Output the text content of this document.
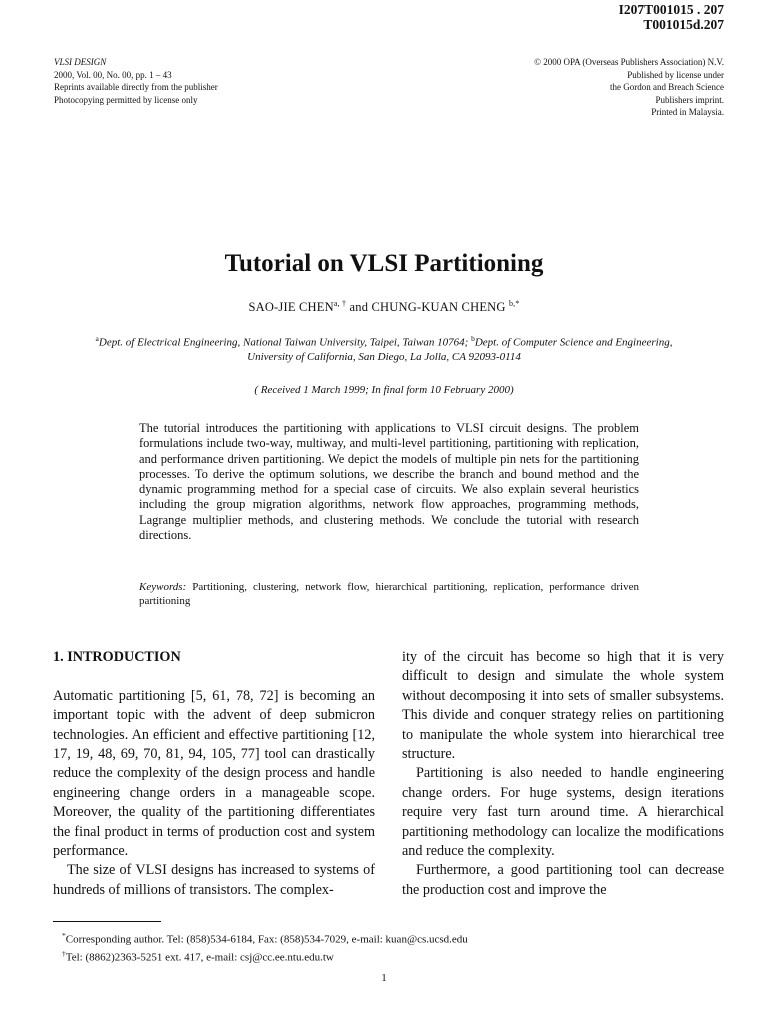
I207T001015 . 207
T001015d.207
VLSI DESIGN
2000, Vol. 00, No. 00, pp. 1 – 43
Reprints available directly from the publisher
Photocopying permitted by license only
© 2000 OPA (Overseas Publishers Association) N.V.
Published by license under
the Gordon and Breach Science
Publishers imprint.
Printed in Malaysia.
Tutorial on VLSI Partitioning
SAO-JIE $CHEN^{a, \dagger}$ and CHUNG-KUAN CHENG $^{b,*}$
$^a$Dept. of Electrical Engineering, National Taiwan University, Taipei, Taiwan 10764; $^b$Dept. of Computer Science and Engineering, University of California, San Diego, La Jolla, CA 92093-0114
( Received 1 March 1999; In final form 10 February 2000)
The tutorial introduces the partitioning with applications to VLSI circuit designs. The problem formulations include two-way, multiway, and multi-level partitioning, partitioning with replication, and performance driven partitioning. We depict the models of multiple pin nets for the partitioning processes. To derive the optimum solutions, we describe the branch and bound method and the dynamic programming method for a special case of circuits. We also explain several heuristics including the group migration algorithms, network flow approaches, programming methods, Lagrange multiplier methods, and clustering methods. We conclude the tutorial with research directions.
Keywords: Partitioning, clustering, network flow, hierarchical partitioning, replication, performance driven partitioning

1. INTRODUCTION

Automatic partitioning [5, 61, 78, 72] is becoming an important topic with the advent of deep submicron technologies. An efficient and effective partitioning [12, 17, 19, 48, 69, 70, 81, 94, 105, 77] tool can drastically reduce the complexity of the design process and handle engineering change orders in a manageable scope. Moreover, the quality of the partitioning differentiates the final product in terms of production cost and system performance.

The size of VLSI designs has increased to systems of hundreds of millions of transistors. The complex-

ity of the circuit has become so high that it is very difficult to design and simulate the whole system without decomposing it into sets of smaller subsystems. This divide and conquer strategy relies on partitioning to manipulate the whole system into hierarchical tree structure.

Partitioning is also needed to handle engineering change orders. For huge systems, design iterations require very fast turn around time. A hierarchical partitioning methodology can localize the modifications and reduce the complexity.

Furthermore, a good partitioning tool can decrease the production cost and improve the

*Corresponding author. Tel: (858)534-6184, Fax: (858)534-7029, e-mail: kuan@cs.ucsd.edu
†Tel: (8862)2363-5251 ext. 417, e-mail: csj@cc.ee.ntu.edu.tw
1
